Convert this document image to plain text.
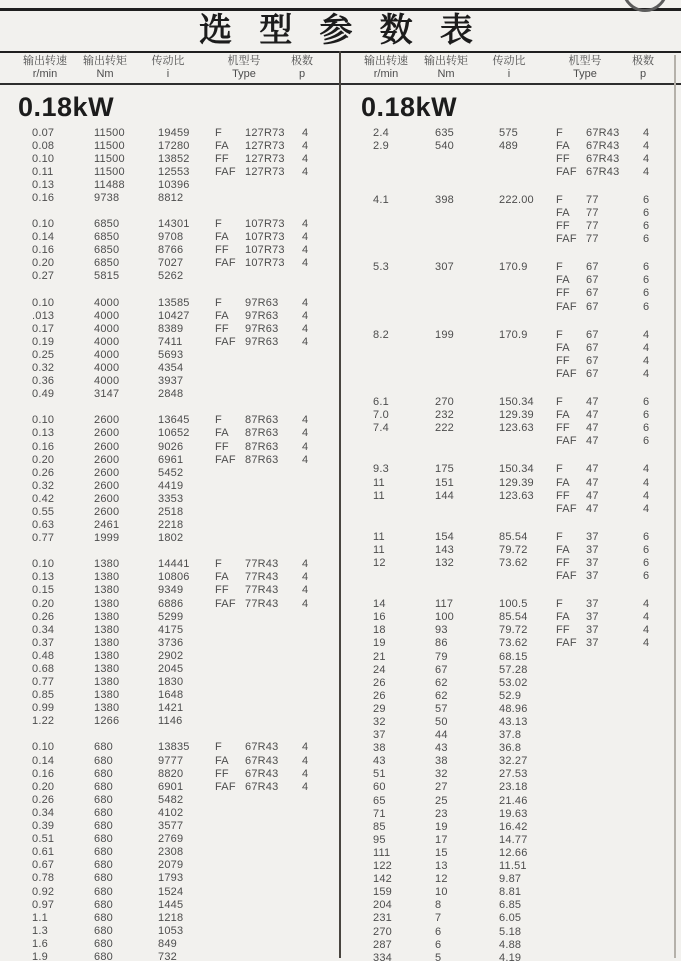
选 型 参 数 表
输出转速
r/min
输出转矩
Nm
传动比
i
机型号
Type
极数
p
输出转速
r/min
输出转矩
Nm
传动比
i
机型号
Type
极数
p
0.18kW
0.07	11500	19459	F	127R73	4
0.08	11500	17280	FA	127R73	4
0.10	11500	13852	FF	127R73	4
0.11	11500	12553	FAF 127R73	4
0.13	11488	10396
0.16	9738	8812
0.10	6850	14301	F	107R73	4
0.14	6850	9708	FA	107R73	4
0.16	6850	8766	FF	107R73	4
0.20	6850	7027	FAF 107R73	4
0.27	5815	5262
0.10	4000	13585	F	97R63	4
.013	4000	10427	FA	97R63	4
0.17	4000	8389	FF	97R63	4
0.19	4000	7411	FAF 97R63	4
0.25	4000	5693
0.32	4000	4354
0.36	4000	3937
0.49	3147	2848
0.10	2600	13645	F	87R63	4
0.13	2600	10652	FA	87R63	4
0.16	2600	9026	FF	87R63	4
0.20	2600	6961	FAF 87R63	4
0.26	2600	5452
0.32	2600	4419
0.42	2600	3353
0.55	2600	2518
0.63	2461	2218
0.77	1999	1802
0.10	1380	14441	F	77R43	4
0.13	1380	10806	FA	77R43	4
0.15	1380	9349	FF	77R43	4
0.20	1380	6886	FAF 77R43	4
0.26	1380	5299
0.34	1380	4175
0.37	1380	3736
0.48	1380	2902
0.68	1380	2045
0.77	1380	1830
0.85	1380	1648
0.99	1380	1421
1.22	1266	1146
0.10	680	13835	F	67R43	4
0.14	680	9777	FA	67R43	4
0.16	680	8820	FF	67R43	4
0.20	680	6901	FAF 67R43	4
0.26	680	5482
0.34	680	4102
0.39	680	3577
0.51	680	2769
0.61	680	2308
0.67	680	2079
0.78	680	1793
0.92	680	1524
0.97	680	1445
1.1	680	1218
1.3	680	1053
1.6	680	849
1.9	680	732
0.18kW
2.4	635	575	F	67R43	4
2.9	540	489	FA	67R43	4
FF	67R43	4
FAF 67R43	4
4.1	398	222.00	F	77	6
FA	77	6
FF	77	6
FAF 77	6
5.3	307	170.9	F	67	6
FA	67	6
FF	67	6
FAF 67	6
8.2	199	170.9	F	67	4
FA	67	4
FF	67	4
FAF 67	4
6.1	270	150.34	F	47	6
7.0	232	129.39	FA	47	6
7.4	222	123.63	FF	47	6
FAF 47	6
9.3	175	150.34	F	47	4
11	151	129.39	FA	47	4
11	144	123.63	FF	47	4
FAF 47	4
11	154	85.54	F	37	6
11	143	79.72	FA	37	6
12	132	73.62	FF	37	6
FAF 37	6
14	117	100.5	F	37	4
16	100	85.54	FA	37	4
18	93	79.72	FF	37	4
19	86	73.62	FAF 37	4
21	79	68.15
24	67	57.28
26	62	53.02
26	62	52.9
29	57	48.96
32	50	43.13
37	44	37.8
38	43	36.8
43	38	32.27
51	32	27.53
60	27	23.18
65	25	21.46
71	23	19.63
85	19	16.42
95	17	14.77
111	15	12.66
122	13	11.51
142	12	9.87
159	10	8.81
204	8	6.85
231	7	6.05
270	6	5.18
287	6	4.88
334	5	4.19
